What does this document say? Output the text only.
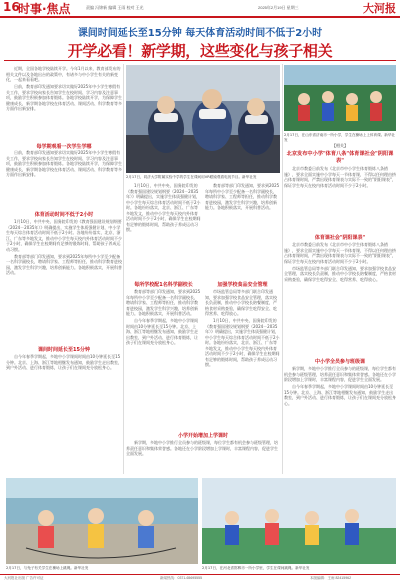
16
时事·焦点	责编 冯锦新 编辑 王雨 校对 王光	2025年2月19日 星期三	大河报
课间时间延长至15分钟 每天体育活动时间不低于2小时
开学必看！新学期，这些变化与孩子相关

近期，全国各地学校陆续开学。今年1月以来，教育部发布的相关文件以及各地出台的政策中，有诸多与中小学生有关的新变化，一起来看看吧。

日前，教育部印发通知要求切实做好2025年中小学生寒假有关工作，要求学校向家长告知学生在校时间、学习内容及注意事项，鼓励学生积极参加体育锻炼。各地学校陆续开学，为保障学生健康成长，新学期各地学校在体育活动、课间活动、科学教育等多方面作出新安排。

每学期观看一次学生学哪

日前，教育部印发通知要求切实做好2025年中小学生寒假有关工作，要求学校向家长告知学生在校时间、学习内容及注意事项，鼓励学生积极参加体育锻炼。各地学校陆续开学，为保障学生健康成长，新学期各地学校在体育活动、课间活动、科学教育等多方面作出新安排。

体育活动时间不低于2小时

1月10日，中共中央、国务院印发的《教育强国建设规划纲要（2024－2035年）》明确提出，实施学生体质强健计划，中小学生每天综合体育活动时间不低于2小时。各地纷纷落实，北京、浙江、广东等多地发文，推动中小学生每天校内外体育活动时间不少于2小时，确保学生在校期间有足够的锻炼时间，帮助孩子养成运动习惯。

教育部等部门印发通知，要求到2025年每所中小学至少配备一名科学副校长，聘请科学家、工程师等担任，推动科学教育进校园，激发学生科学兴趣，培养创新能力。各地积极落实，开展科普活动。

课间时间延长至15分钟

自今年春季学期起，多地中小学课间时间由10分钟延长至15分钟。北京、上海、浙江等地相继发布通知，鼓励学生走出教室，到户外活动、进行体育锻炼，让孩子们在课间充分放松身心。

2月17日，同济大学附属实验中学的学生在课间用VR眼镜观看电视节目。新华社发

1月10日，中共中央、国务院印发的《教育强国建设规划纲要（2024－2035年）》明确提出，实施学生体质强健计划，中小学生每天综合体育活动时间不低于2小时。各地纷纷落实，北京、浙江、广东等多地发文，推动中小学生每天校内外体育活动时间不少于2小时，确保学生在校期间有足够的锻炼时间，帮助孩子养成运动习惯。

教育部等部门印发通知，要求到2025年每所中小学至少配备一名科学副校长，聘请科学家、工程师等担任，推动科学教育进校园，激发学生科学兴趣，培养创新能力。各地积极落实，开展科普活动。

每所学校配1名科学副校长

教育部等部门印发通知，要求到2025年每所中小学至少配备一名科学副校长，聘请科学家、工程师等担任，推动科学教育进校园，激发学生科学兴趣，培养创新能力。各地积极落实，开展科普活动。

自今年春季学期起，多地中小学课间时间由10分钟延长至15分钟。北京、上海、浙江等地相继发布通知，鼓励学生走出教室，到户外活动、进行体育锻炼，让孩子们在课间充分放松身心。

加强学校食品安全管理

市场监管总局等多部门联合印发通知，要求加强学校食品安全管理，落实校长负责制，推动中小学校长陪餐制度，严格食材采购查验，确保学生吃得安全、吃得营养、吃得放心。

1月10日，中共中央、国务院印发的《教育强国建设规划纲要（2024－2035年）》明确提出，实施学生体质强健计划，中小学生每天综合体育活动时间不低于2小时。各地纷纷落实，北京、浙江、广东等多地发文，推动中小学生每天校内外体育活动时间不少于2小时，确保学生在校期间有足够的锻炼时间，帮助孩子养成运动习惯。

小学开始增加上学课时

新学期，多地中小学推行全员参与的班级课，每位学生都有机会参与班级管理，培养责任意识和集体荣誉感。各地还在小学阶段增加上学课时，丰富课程内容，促进学生全面发展。

2月17日，在山东省济南市一所小学，学生在操场上上体育课。新华社发
【相关】
北京发布中小学"体育八条"体育课社会"阴阳课表"

北京市教委日前发布《北京市中小学生体育锻炼八条措施》，要求全面实施中小学每天一节体育课，不得以任何理由挤占体育课时间，严禁出现体育课表与实际不一致的"阴阳课表"，保证学生每天在校内体育活动时间不少于2小时。

体育课社会"阴阳课表"

北京市教委日前发布《北京市中小学生体育锻炼八条措施》，要求全面实施中小学每天一节体育课，不得以任何理由挤占体育课时间，严禁出现体育课表与实际不一致的"阴阳课表"，保证学生每天在校内体育活动时间不少于2小时。

市场监管总局等多部门联合印发通知，要求加强学校食品安全管理，落实校长负责制，推动中小学校长陪餐制度，严格食材采购查验，确保学生吃得安全、吃得营养、吃得放心。

中小学全员参与班级课

新学期，多地中小学推行全员参与的班级课，每位学生都有机会参与班级管理，培养责任意识和集体荣誉感。各地还在小学阶段增加上学课时，丰富课程内容，促进学生全面发展。

自今年春季学期起，多地中小学课间时间由10分钟延长至15分钟。北京、上海、浙江等地相继发布通知，鼓励学生走出教室，到户外活动、进行体育锻炼，让孩子们在课间充分放松身心。

2月17日，与兔子有关学生在操场上跳绳。新华社发	2月17日，在河北省邯郸市一所小学里，学生在课间跳绳。新华社发
大河报社出版 广告许可证	新闻热线：0371-65695555	本版编辑：王雨 82415962
